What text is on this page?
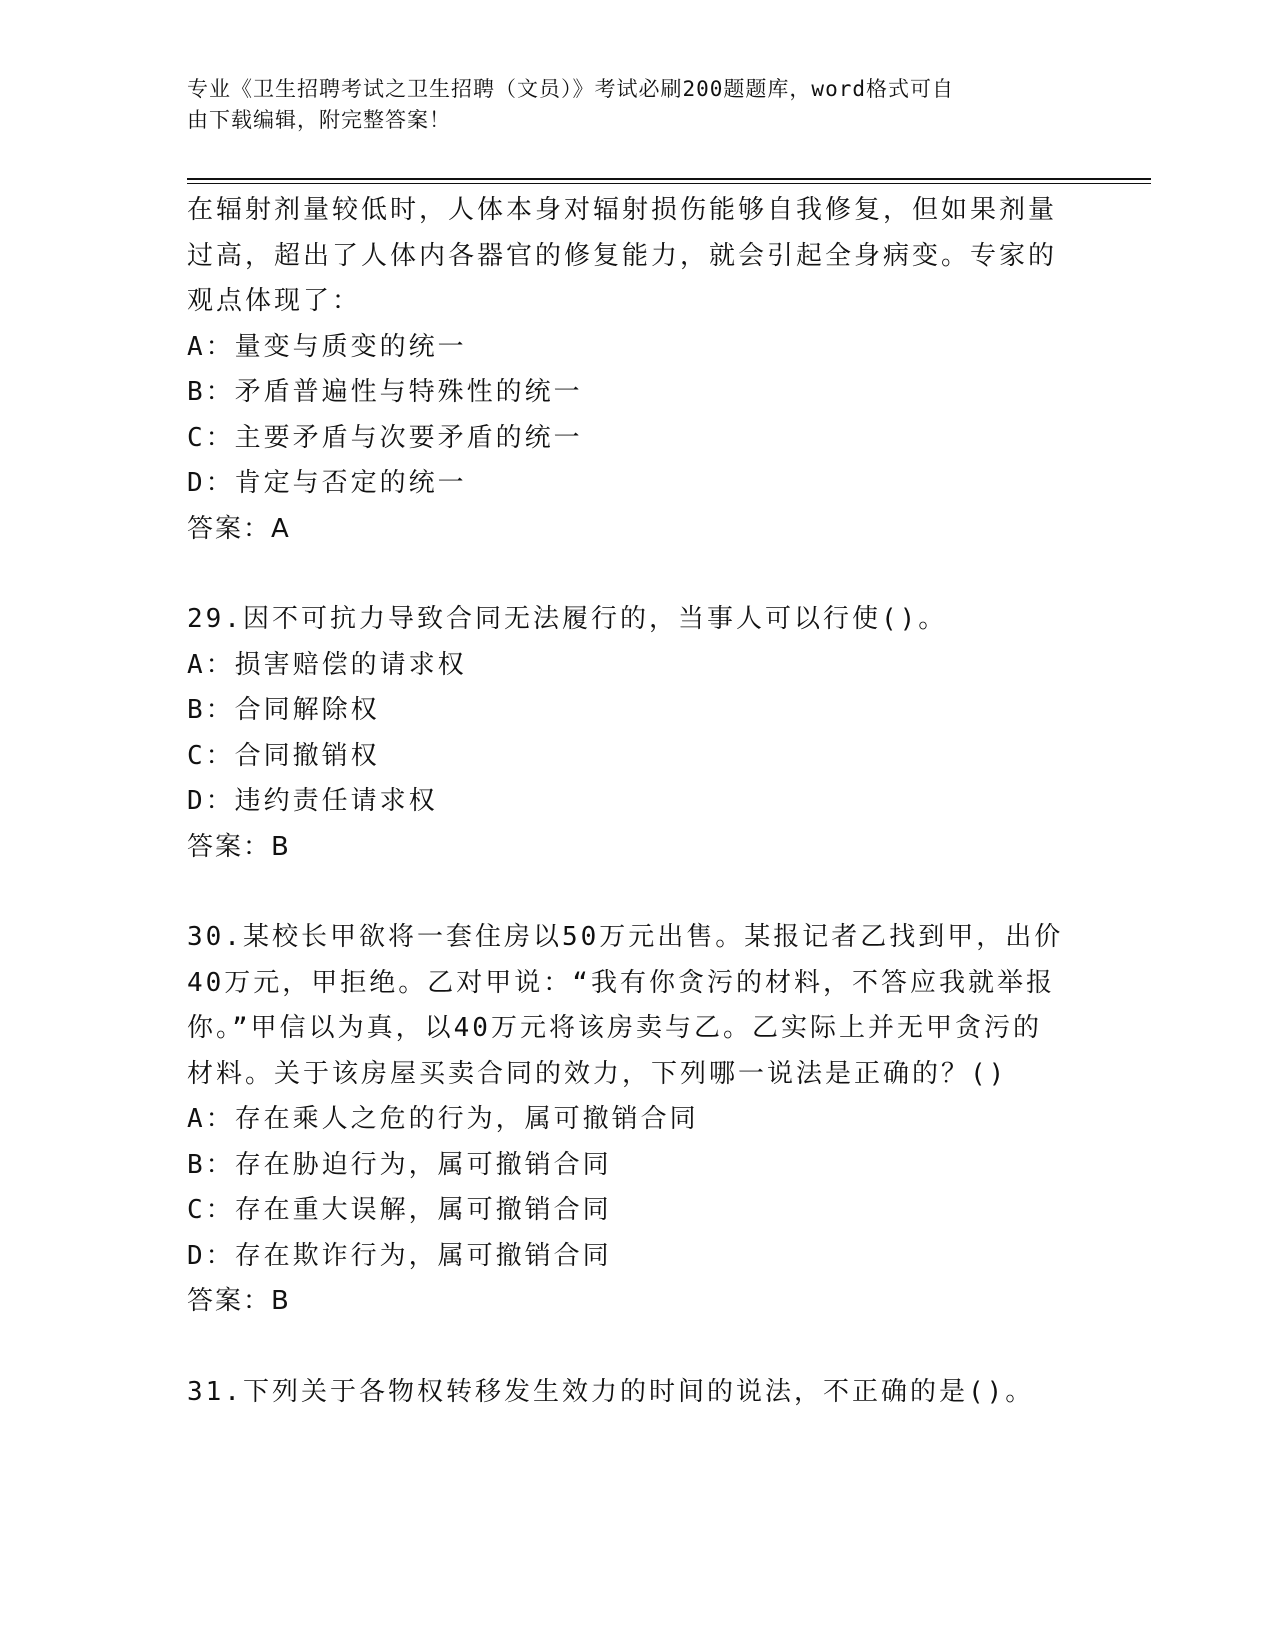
专业《卫生招聘考试之卫生招聘（文员）》考试必刷200题题库，word格式可自
由下载编辑，附完整答案！
在辐射剂量较低时，人体本身对辐射损伤能够自我修复，但如果剂量
过高，超出了人体内各器官的修复能力，就会引起全身病变。专家的
观点体现了：
A：量变与质变的统一
B：矛盾普遍性与特殊性的统一
C：主要矛盾与次要矛盾的统一
D：肯定与否定的统一
答案：A
29.因不可抗力导致合同无法履行的，当事人可以行使()。
A：损害赔偿的请求权
B：合同解除权
C：合同撤销权
D：违约责任请求权
答案：B
30.某校长甲欲将一套住房以50万元出售。某报记者乙找到甲，出价
40万元，甲拒绝。乙对甲说：“我有你贪污的材料，不答应我就举报
你。”甲信以为真，以40万元将该房卖与乙。乙实际上并无甲贪污的
材料。关于该房屋买卖合同的效力，下列哪一说法是正确的？()
A：存在乘人之危的行为，属可撤销合同
B：存在胁迫行为，属可撤销合同
C：存在重大误解，属可撤销合同
D：存在欺诈行为，属可撤销合同
答案：B
31.下列关于各物权转移发生效力的时间的说法，不正确的是()。
